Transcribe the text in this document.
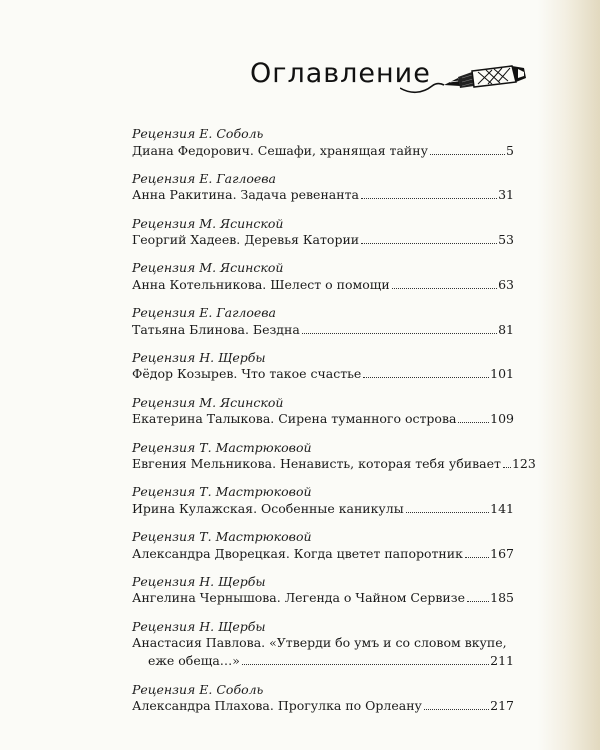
Оглавление
Рецензия Е. Соболь
Диана Федорович. Сешафи, хранящая тайну	5
Рецензия Е. Гаглоева
Анна Ракитина. Задача ревенанта	31
Рецензия М. Ясинской
Георгий Хадеев. Деревья Катории	53
Рецензия М. Ясинской
Анна Котельникова. Шелест о помощи	63
Рецензия Е. Гаглоева
Татьяна Блинова. Бездна	81
Рецензия Н. Щербы
Фёдор Козырев. Что такое счастье	101
Рецензия М. Ясинской
Екатерина Талыкова. Сирена туманного острова	109
Рецензия Т. Мастрюковой
Евгения Мельникова. Ненависть, которая тебя убивает 123
Рецензия Т. Мастрюковой
Ирина Кулажская. Особенные каникулы	141
Рецензия Т. Мастрюковой
Александра Дворецкая. Когда цветет папоротник 167
Рецензия Н. Щербы
Ангелина Чернышова. Легенда о Чайном Сервизе 185
Рецензия Н. Щербы
Анастасия Павлова. «Утверди бо умъ и со словом вкупе,
еже обеща…»	211
Рецензия Е. Соболь
Александра Плахова. Прогулка по Орлеану	217
